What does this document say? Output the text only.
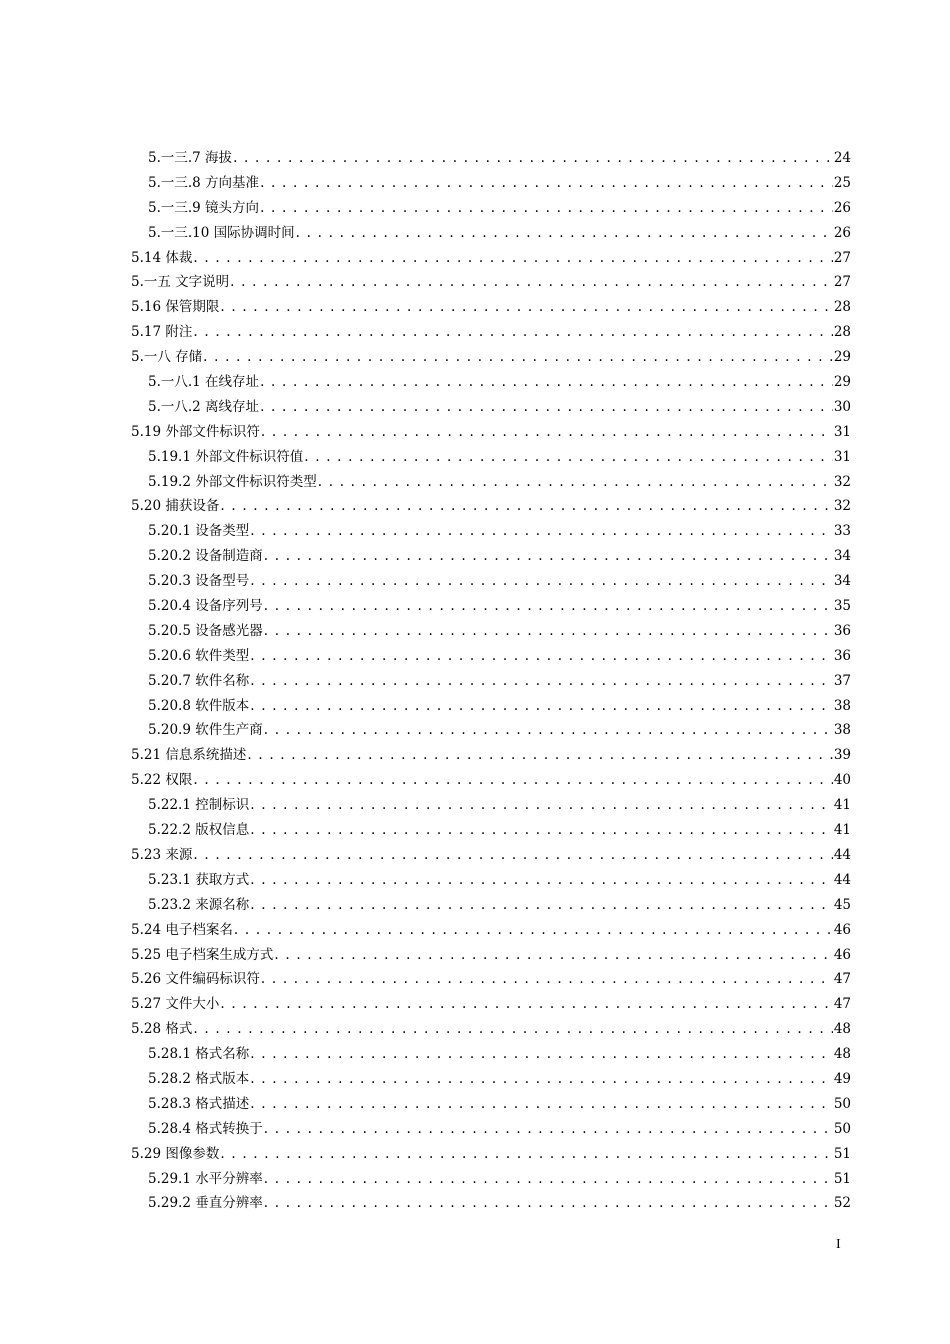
5.一三.7 海拔 . . .	24
5.一三.8 方向基准 . . .	25
5.一三.9 镜头方向 . . .	26
5.一三.10 国际协调时间 . . .	26
5.14 体裁 . . .	27
5.一五 文字说明 . . .	27
5.16 保管期限 . . .	28
5.17 附注 . . .	28
5.一八 存储 . . .	29
5.一八.1 在线存址 . . .	29
5.一八.2 离线存址 . . .	30
5.19 外部文件标识符 . . .	31
5.19.1 外部文件标识符值 . . .	31
5.19.2 外部文件标识符类型 . . .	32
5.20 捕获设备 . . .	32
5.20.1 设备类型 . . .	33
5.20.2 设备制造商 . . .	34
5.20.3 设备型号 . . .	34
5.20.4 设备序列号 . . .	35
5.20.5 设备感光器 . . .	36
5.20.6 软件类型 . . .	36
5.20.7 软件名称 . . .	37
5.20.8 软件版本 . . .	38
5.20.9 软件生产商 . . .	38
5.21 信息系统描述 . . .	39
5.22 权限 . . .	40
5.22.1 控制标识 . . .	41
5.22.2 版权信息 . . .	41
5.23 来源 . . .	44
5.23.1 获取方式 . . .	44
5.23.2 来源名称 . . .	45
5.24 电子档案名 . . .	46
5.25 电子档案生成方式 . . .	46
5.26 文件编码标识符 . . .	47
5.27 文件大小 . . .	47
5.28 格式 . . .	48
5.28.1 格式名称 . . .	48
5.28.2 格式版本 . . .	49
5.28.3 格式描述 . . .	50
5.28.4 格式转换于 . . .	50
5.29 图像参数 . . .	51
5.29.1 水平分辨率 . . .	51
5.29.2 垂直分辨率 . . .	52
I
